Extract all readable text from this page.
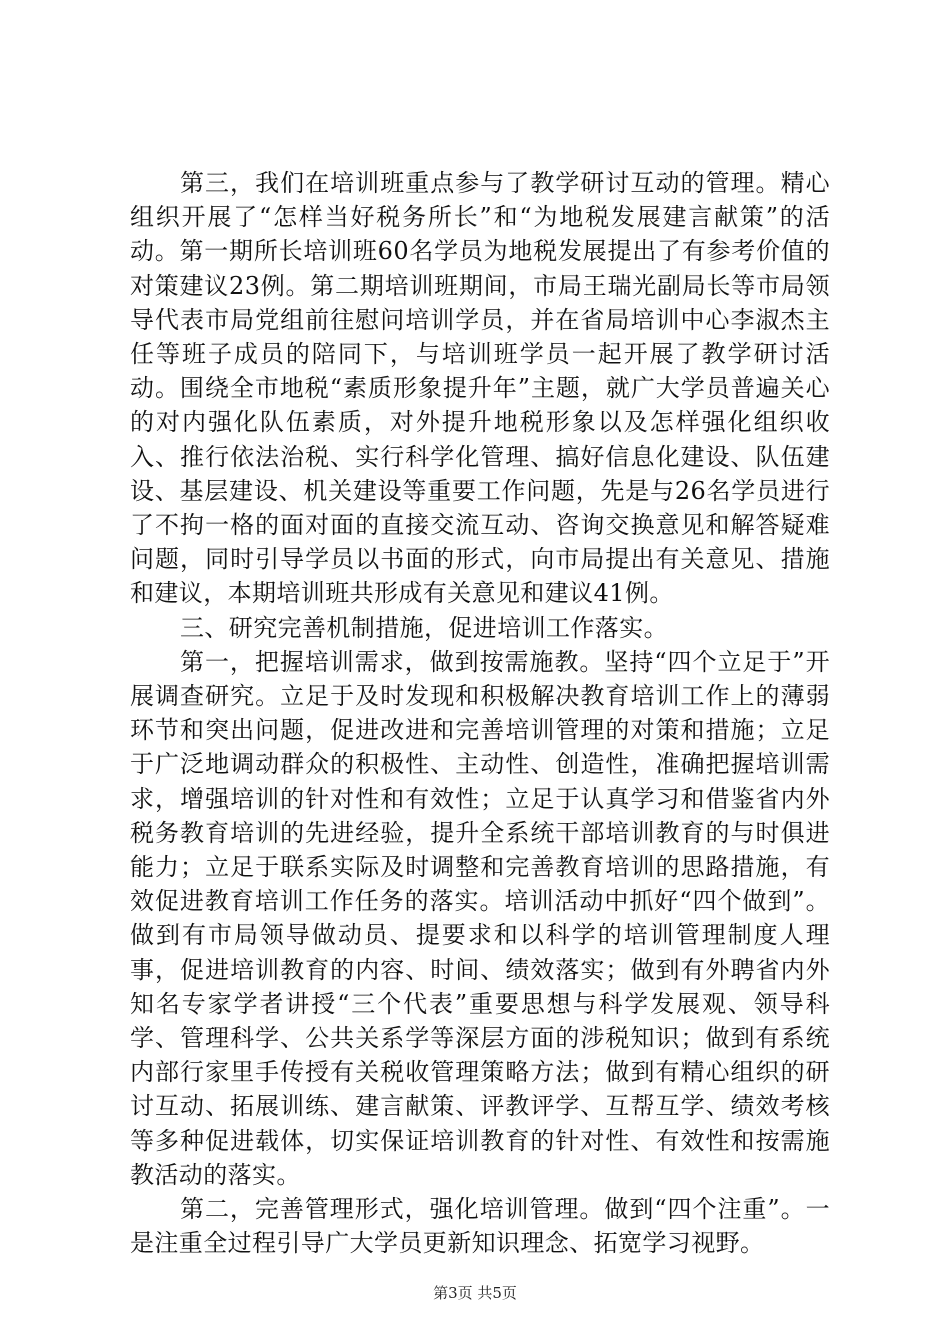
第三，我们在培训班重点参与了教学研讨互动的管理。精心组织开展了“怎样当好税务所长”和“为地税发展建言献策”的活动。第一期所长培训班60名学员为地税发展提出了有参考价值的对策建议23例。第二期培训班期间，市局王瑞光副局长等市局领导代表市局党组前往慰问培训学员，并在省局培训中心李淑杰主任等班子成员的陪同下，与培训班学员一起开展了教学研讨活动。围绕全市地税“素质形象提升年”主题，就广大学员普遍关心的对内强化队伍素质，对外提升地税形象以及怎样强化组织收入、推行依法治税、实行科学化管理、搞好信息化建设、队伍建设、基层建设、机关建设等重要工作问题，先是与26名学员进行了不拘一格的面对面的直接交流互动、咨询交换意见和解答疑难问题，同时引导学员以书面的形式，向市局提出有关意见、措施和建议，本期培训班共形成有关意见和建议41例。

三、研究完善机制措施，促进培训工作落实。

第一，把握培训需求，做到按需施教。坚持“四个立足于”开展调查研究。立足于及时发现和积极解决教育培训工作上的薄弱环节和突出问题，促进改进和完善培训管理的对策和措施；立足于广泛地调动群众的积极性、主动性、创造性，准确把握培训需求，增强培训的针对性和有效性；立足于认真学习和借鉴省内外税务教育培训的先进经验，提升全系统干部培训教育的与时俱进能力；立足于联系实际及时调整和完善教育培训的思路措施，有效促进教育培训工作任务的落实。培训活动中抓好“四个做到”。做到有市局领导做动员、提要求和以科学的培训管理制度人理事，促进培训教育的内容、时间、绩效落实；做到有外聘省内外知名专家学者讲授“三个代表”重要思想与科学发展观、领导科学、管理科学、公共关系学等深层方面的涉税知识；做到有系统内部行家里手传授有关税收管理策略方法；做到有精心组织的研讨互动、拓展训练、建言献策、评教评学、互帮互学、绩效考核等多种促进载体，切实保证培训教育的针对性、有效性和按需施教活动的落实。

第二，完善管理形式，强化培训管理。做到“四个注重”。一是注重全过程引导广大学员更新知识理念、拓宽学习视野。

第3页 共5页
